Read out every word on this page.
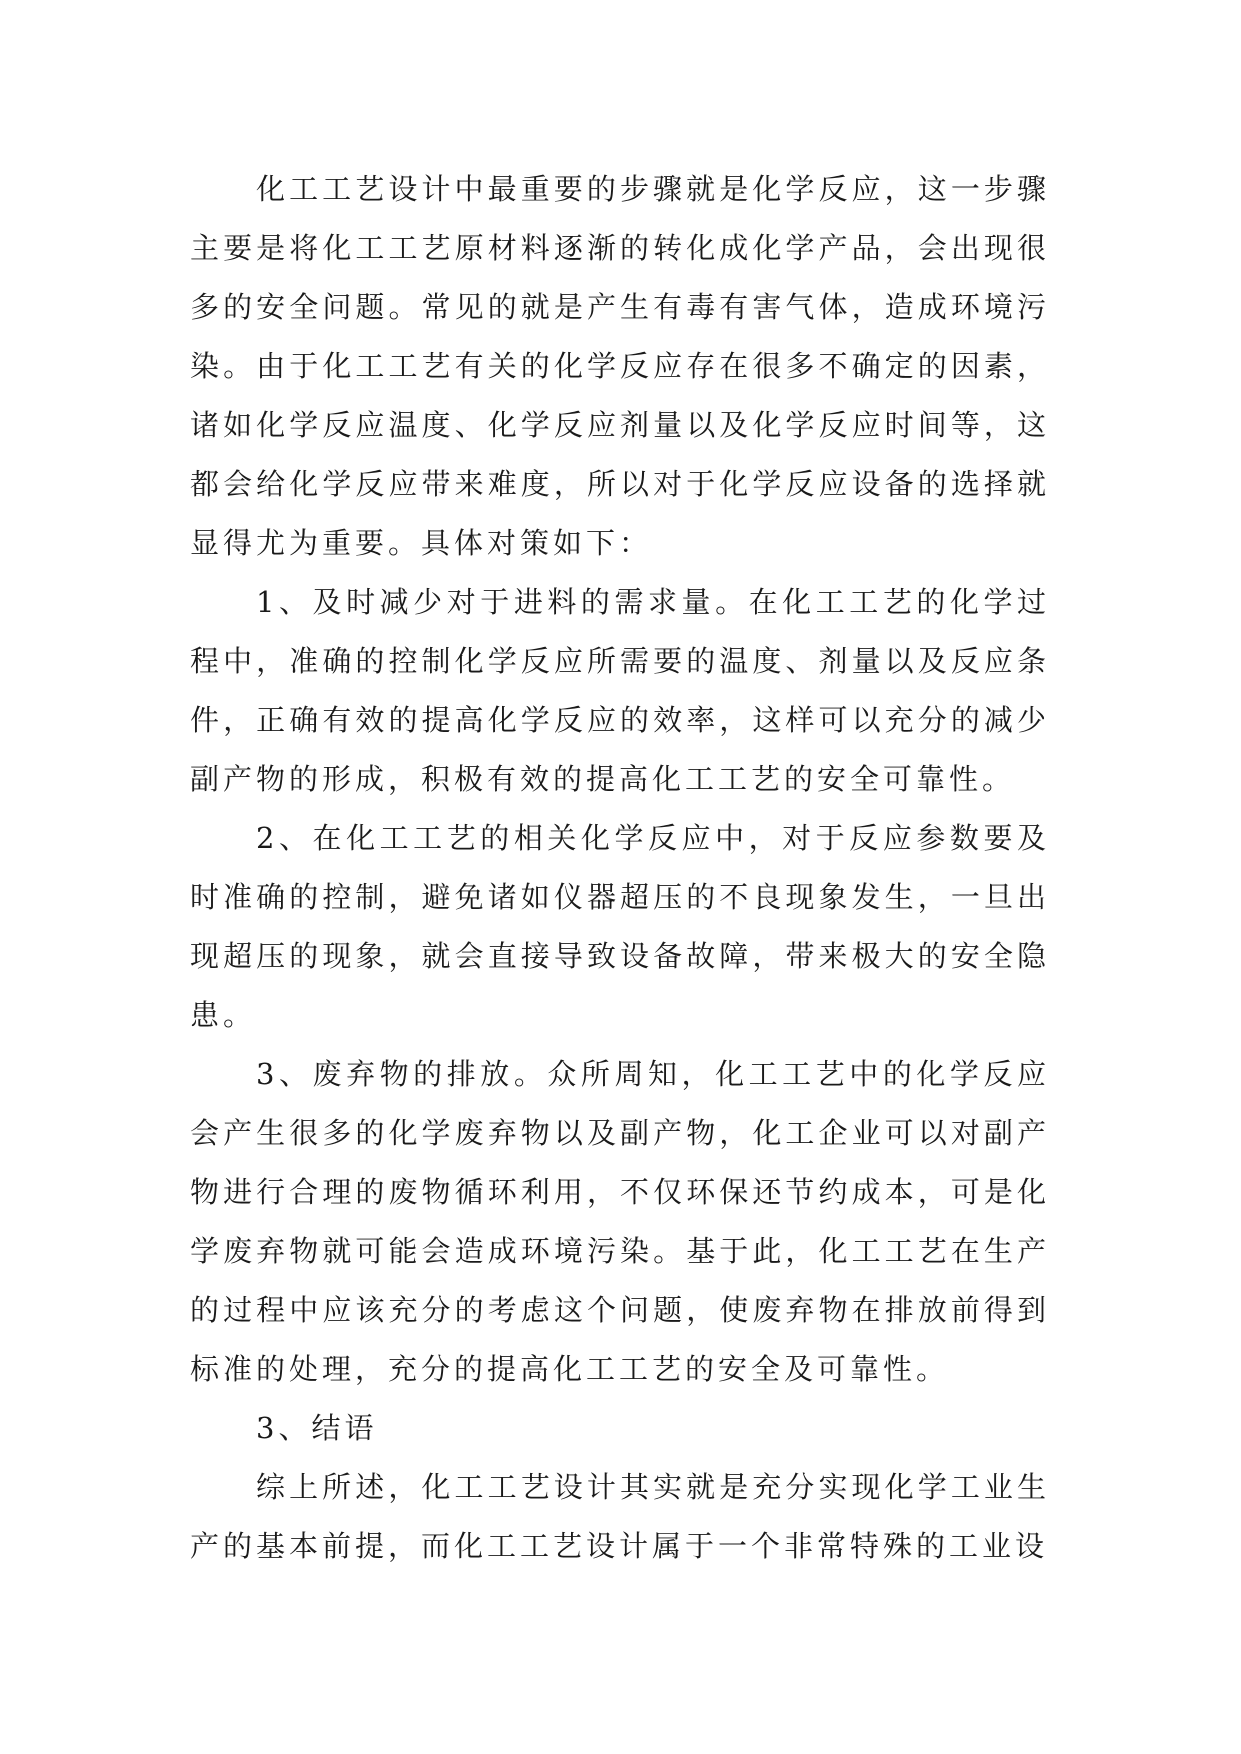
化工工艺设计中最重要的步骤就是化学反应，这一步骤主要是将化工工艺原材料逐渐的转化成化学产品，会出现很多的安全问题。常见的就是产生有毒有害气体，造成环境污染。由于化工工艺有关的化学反应存在很多不确定的因素，诸如化学反应温度、化学反应剂量以及化学反应时间等，这都会给化学反应带来难度，所以对于化学反应设备的选择就显得尤为重要。具体对策如下：

1、及时减少对于进料的需求量。在化工工艺的化学过程中，准确的控制化学反应所需要的温度、剂量以及反应条件，正确有效的提高化学反应的效率，这样可以充分的减少副产物的形成，积极有效的提高化工工艺的安全可靠性。

2、在化工工艺的相关化学反应中，对于反应参数要及时准确的控制，避免诸如仪器超压的不良现象发生，一旦出现超压的现象，就会直接导致设备故障，带来极大的安全隐患。

3、废弃物的排放。众所周知，化工工艺中的化学反应会产生很多的化学废弃物以及副产物，化工企业可以对副产物进行合理的废物循环利用，不仅环保还节约成本，可是化学废弃物就可能会造成环境污染。基于此，化工工艺在生产的过程中应该充分的考虑这个问题，使废弃物在排放前得到标准的处理，充分的提高化工工艺的安全及可靠性。

3、结语

综上所述，化工工艺设计其实就是充分实现化学工业生产的基本前提，而化工工艺设计属于一个非常特殊的工业设
